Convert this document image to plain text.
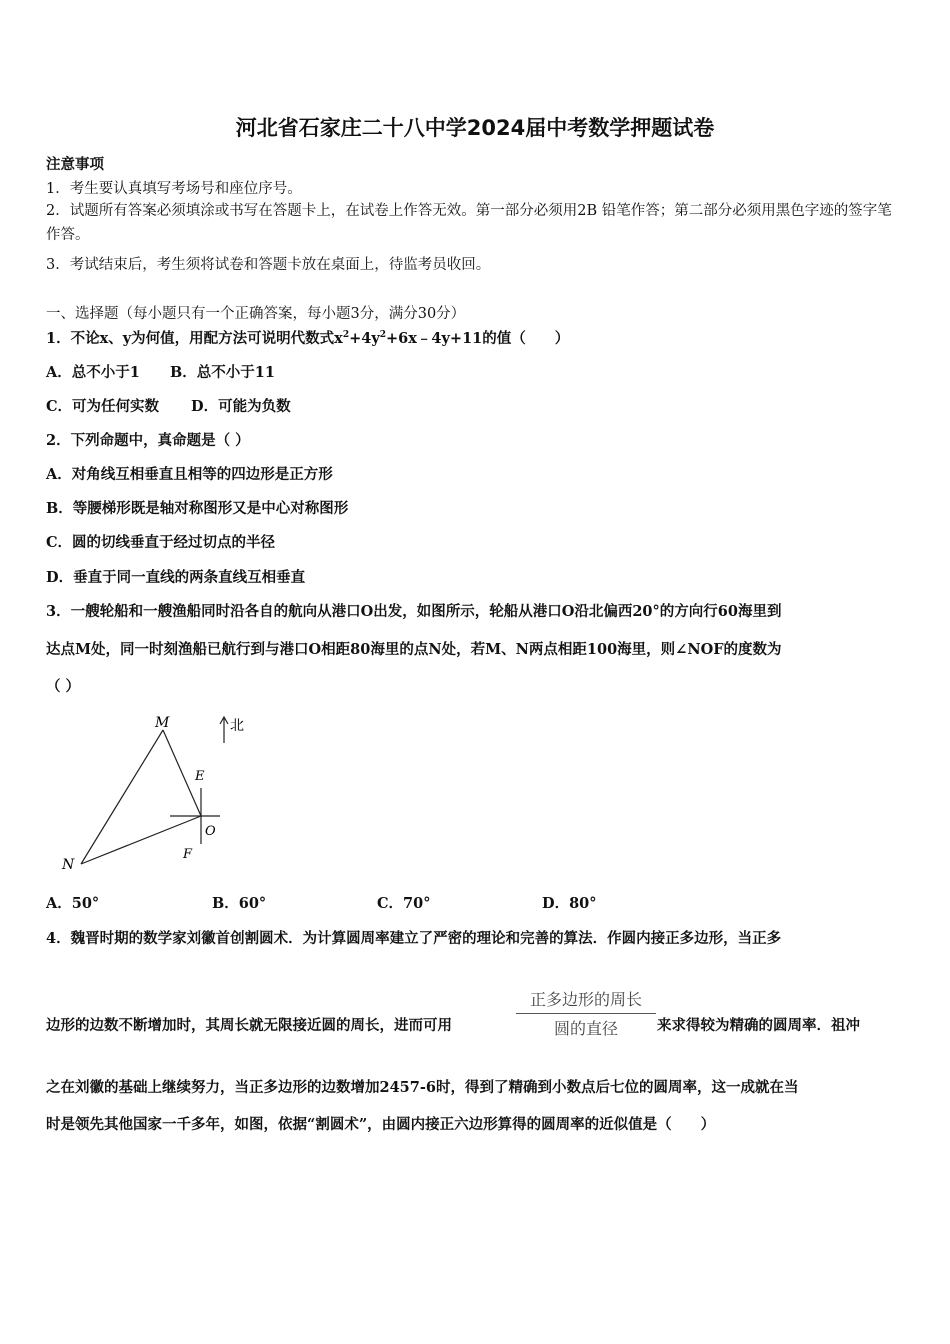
河北省石家庄二十八中学2024届中考数学押题试卷
注意事项
1．考生要认真填写考场号和座位序号。
2．试题所有答案必须填涂或书写在答题卡上，在试卷上作答无效。第一部分必须用2B 铅笔作答；第二部分必须用黑色字迹的签字笔作答。
3．考试结束后，考生须将试卷和答题卡放在桌面上，待监考员收回。
一、选择题（每小题只有一个正确答案，每小题3分，满分30分）
1．不论x、y为何值，用配方法可说明代数式$x^2+4y^2+6x﹣4y+11$的值（　　）
A．总不小于1 B．总不小于11
C．可为任何实数 D．可能为负数
2．下列命题中，真命题是（ ）
A．对角线互相垂直且相等的四边形是正方形
B．等腰梯形既是轴对称图形又是中心对称图形
C．圆的切线垂直于经过切点的半径
D．垂直于同一直线的两条直线互相垂直
3．一艘轮船和一艘渔船同时沿各自的航向从港口O出发，如图所示，轮船从港口O沿北偏西20°的方向行60海里到
达点M处，同一时刻渔船已航行到与港口O相距80海里的点N处，若M、N两点相距100海里，则∠NOF的度数为
（ ）
M	北
E
O
F
N
A．50°	B．60°	C．70°	D．80°
4．魏晋时期的数学家刘徽首创割圆术．为计算圆周率建立了严密的理论和完善的算法．作圆内接正多边形，当正多
边形的边数不断增加时，其周长就无限接近圆的周长，进而可用
正多边形的周长
圆的直径	来求得较为精确的圆周率．祖冲
之在刘徽的基础上继续努力，当正多边形的边数增加2457-6时，得到了精确到小数点后七位的圆周率，这一成就在当
时是领先其他国家一千多年，如图，依据“割圆术”，由圆内接正六边形算得的圆周率的近似值是（　　）
